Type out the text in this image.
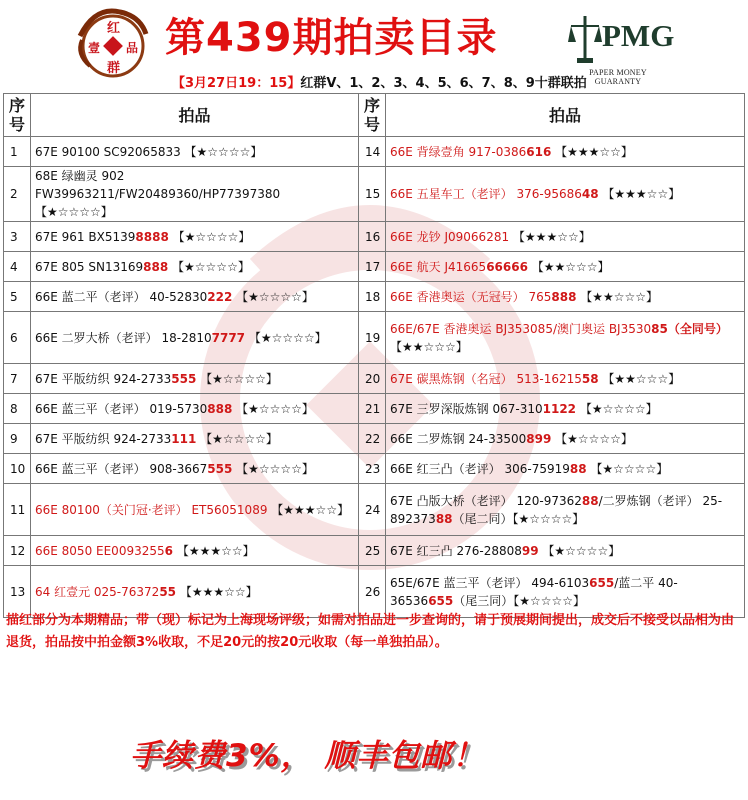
红
壹 品
群
第439期拍卖目录	PMG
PAPER MONEY GUARANTY
【3月27日19：15】红群V、1、2、3、4、5、6、7、8、9十群联拍
序号	拍品	序号	拍品
1	67E 90100 SC92065833 【★☆☆☆☆】	14	66E 背绿壹角 917-0386616 【★★★☆☆】
2	68E 绿幽灵 902 FW39963211/FW20489360/HP77397380 【★☆☆☆☆】	15	66E 五星车工（老评） 376-9568648 【★★★☆☆】
3	67E 961 BX51398888 【★☆☆☆☆】	16	66E 龙钞 J09066281 【★★★☆☆】
4	67E 805 SN13169888 【★☆☆☆☆】	17	66E 航天 J4166566666 【★★☆☆☆】
5	66E 蓝二平（老评） 40-52830222 【★☆☆☆☆】	18	66E 香港奥运（无冠号） 765888 【★★☆☆☆】
6	66E 二罗大桥（老评） 18-28107777 【★☆☆☆☆】	19	66E/67E 香港奥运 BJ353085/澳门奥运 BJ353085（全同号） 【★★☆☆☆】
7	67E 平版纺织 924-2733555 【★☆☆☆☆】	20	67E 碳黑炼钢（名冠） 513-1621558 【★★☆☆☆】
8	66E 蓝三平（老评） 019-5730888 【★☆☆☆☆】	21	67E 三罗深版炼钢 067-3101122 【★☆☆☆☆】
9	67E 平版纺织 924-2733111 【★☆☆☆☆】	22	66E 二罗炼钢 24-33500899 【★☆☆☆☆】
10	66E 蓝三平（老评） 908-3667555 【★☆☆☆☆】	23	66E 红三凸（老评） 306-7591988 【★☆☆☆☆】
11	66E 80100（关门冠·老评） ET56051089 【★★★☆☆】	24	67E 凸版大桥（老评） 120-9736288/二罗炼钢（老评） 25-89237388（尾二同）【★☆☆☆☆】
12	66E 8050 EE00932556 【★★★☆☆】	25	67E 红三凸 276-2880899 【★☆☆☆☆】
13	64 红壹元 025-7637255 【★★★☆☆】	26	65E/67E 蓝三平（老评） 494-6103655/蓝二平 40-36536655（尾三同）【★☆☆☆☆】
描红部分为本期精品；带（现）标记为上海现场评级；如需对拍品进一步查询的，请于预展期间提出，成交后不接受以品相为由退货，拍品按中拍金额3%收取，不足20元的按20元收取（每一单独拍品）。
手续费3%， 顺丰包邮！
